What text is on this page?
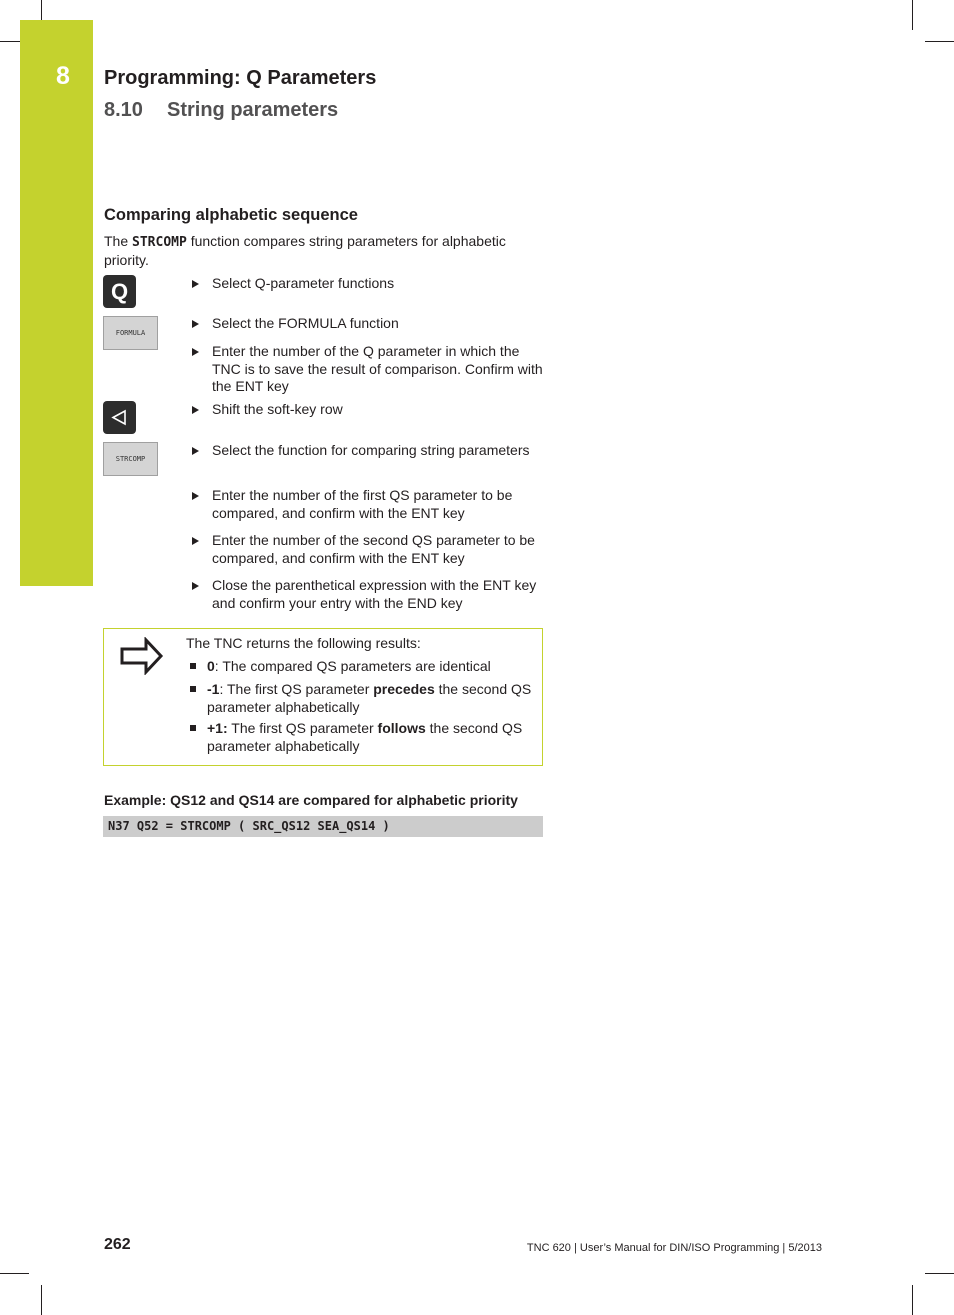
8 Programming: Q Parameters
8.10 String parameters
Comparing alphabetic sequence
The STRCOMP function compares string parameters for alphabetic priority.
Q
FORMULA
STRCOMP
Select Q-parameter functions
Select the FORMULA function
Enter the number of the Q parameter in which the TNC is to save the result of comparison. Confirm with the ENT key
Shift the soft-key row
Select the function for comparing string parameters
Enter the number of the first QS parameter to be compared, and confirm with the ENT key
Enter the number of the second QS parameter to be compared, and confirm with the ENT key
Close the parenthetical expression with the ENT key and confirm your entry with the END key
The TNC returns the following results:
0: The compared QS parameters are identical
-1: The first QS parameter precedes the second QS parameter alphabetically
+1: The first QS parameter follows the second QS parameter alphabetically
Example: QS12 and QS14 are compared for alphabetic priority
N37 Q52 = STRCOMP ( SRC_QS12 SEA_QS14 )
262	TNC 620 | User’s Manual for DIN/ISO Programming | 5/2013
